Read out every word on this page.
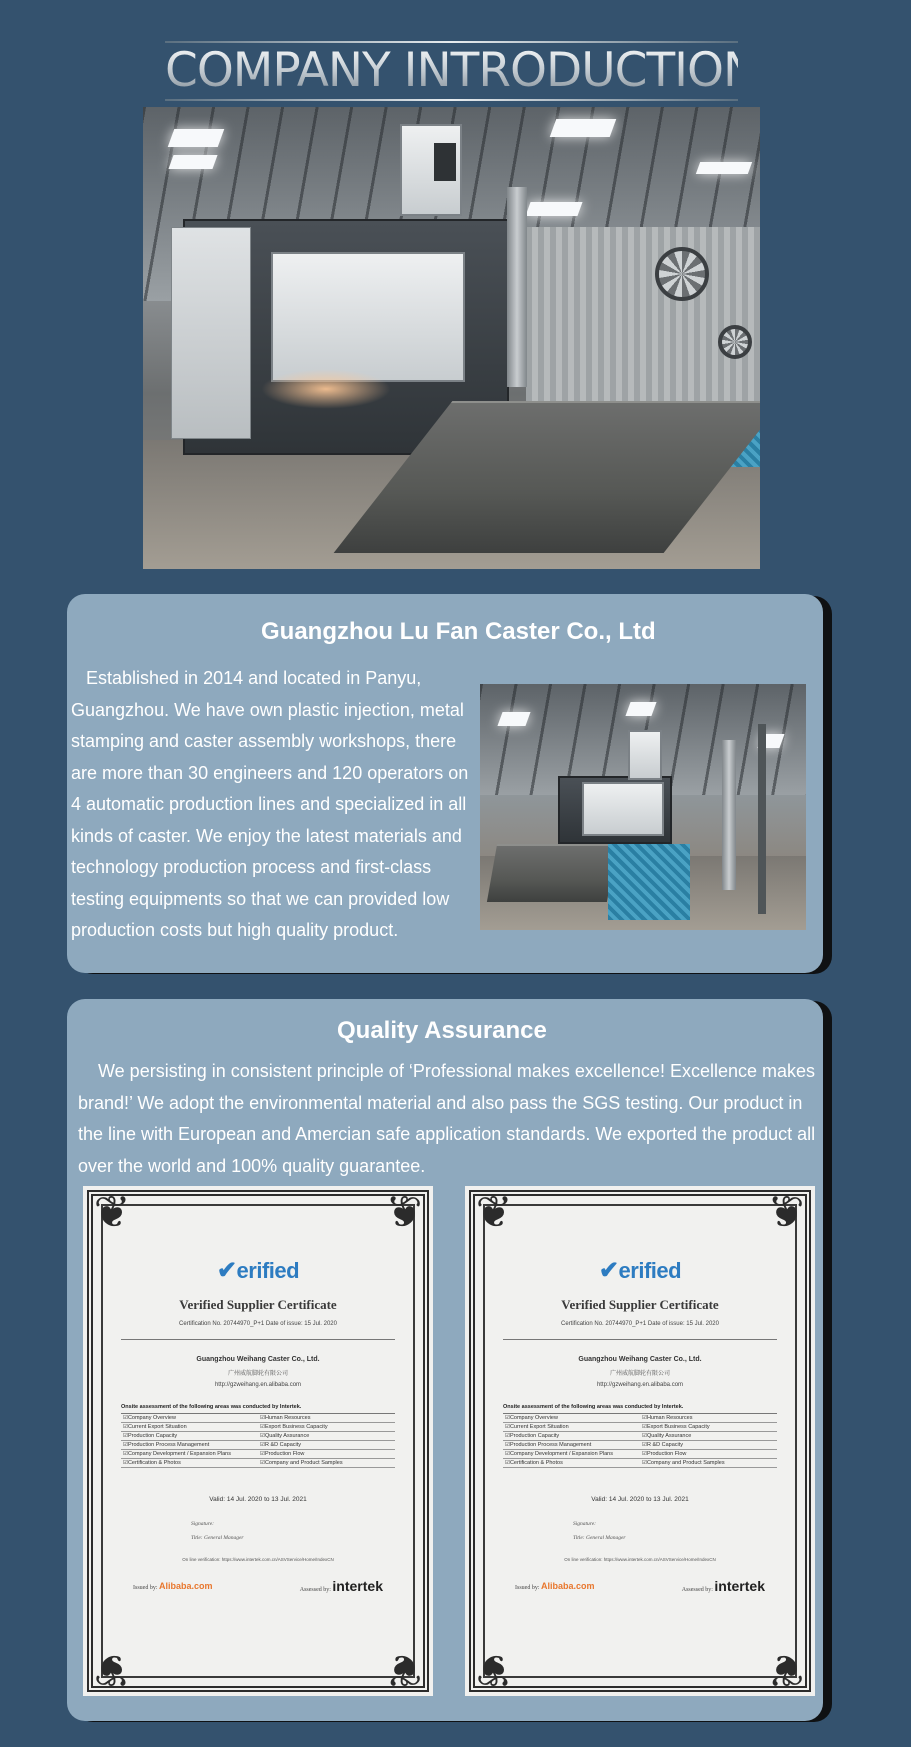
COMPANY INTRODUCTION
Guangzhou Lu Fan Caster Co., Ltd
Established in 2014 and located in Panyu, Guangzhou. We have own plastic injection, metal stamping and caster assembly workshops, there are more than 30 engineers and 120 operators on 4 automatic production lines and specialized in all kinds of caster. We enjoy the latest materials and technology production process and first-class testing equipments so that we can provided low production costs but high quality product.
Quality Assurance
We persisting in consistent principle of ‘Professional makes excellence! Excellence makes brand!’ We adopt the environmental material and also pass the SGS testing. Our product in the line with European and Amercian safe application standards. We exported the product all over the world and 100% quality guarantee.
❦	❦
❦	❦
✔erified
Verified Supplier Certificate
Certification No. 20744970_P+1 Date of issue: 15 Jul. 2020
Guangzhou Weihang Caster Co., Ltd.
广州威航脚轮有限公司
http://gzweihang.en.alibaba.com
Onsite assessment of the following areas was conducted by Intertek.
☑ Company Overview	☑ Human Resources
☑ Current Export Situation	☑ Export Business Capacity
☑ Production Capacity	☑ Quality Assurance
☑ Production Process Management	☑ R &D Capacity
☑ Company Development / Expansion Plans	☑ Production Flow
☑ Certification & Photos	☑ Company and Product Samples
Valid: 14 Jul. 2020 to 13 Jul. 2021
Signature:
Title: General Manager
On line verification: https://www.intertek.com.cn/ASVService/Home/IndexCN
Issued by: Alibaba.com	Assessed by: intertek
❦	❦
❦	❦
✔erified
Verified Supplier Certificate
Certification No. 20744970_P+1 Date of issue: 15 Jul. 2020
Guangzhou Weihang Caster Co., Ltd.
广州威航脚轮有限公司
http://gzweihang.en.alibaba.com
Onsite assessment of the following areas was conducted by Intertek.
☑ Company Overview	☑ Human Resources
☑ Current Export Situation	☑ Export Business Capacity
☑ Production Capacity	☑ Quality Assurance
☑ Production Process Management	☑ R &D Capacity
☑ Company Development / Expansion Plans	☑ Production Flow
☑ Certification & Photos	☑ Company and Product Samples
Valid: 14 Jul. 2020 to 13 Jul. 2021
Signature:
Title: General Manager
On line verification: https://www.intertek.com.cn/ASVService/Home/IndexCN
Issued by: Alibaba.com	Assessed by: intertek
